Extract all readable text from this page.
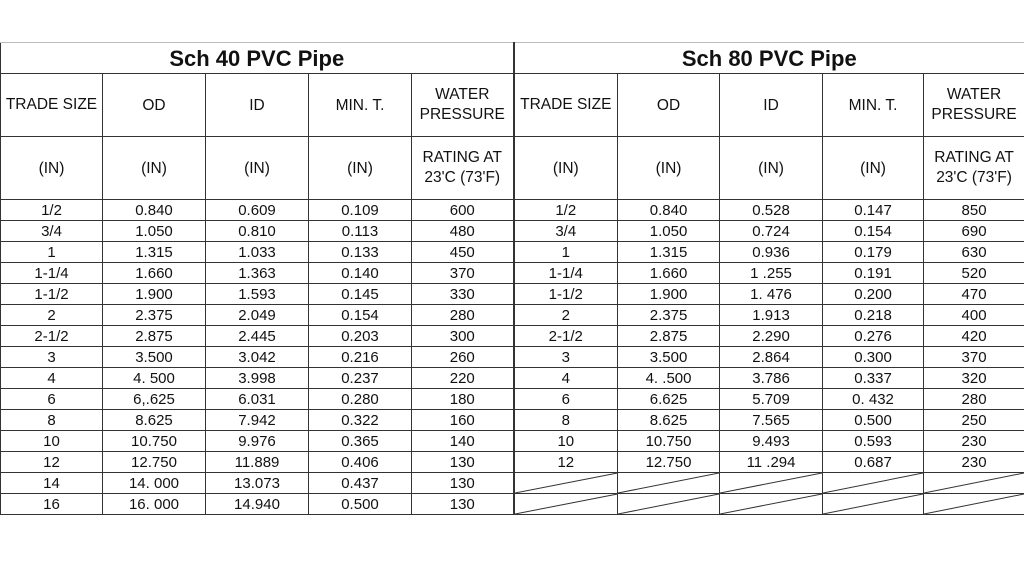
Sch 40 PVC Pipe					Sch 80 PVC Pipe				
TRADE SIZE	OD	ID	MIN. T.	WATER PRESSURE	TRADE SIZE	OD	ID	MIN. T.	WATER PRESSURE
(IN)	(IN)	(IN)	(IN)	RATING AT 23'C (73'F)	(IN)	(IN)	(IN)	(IN)	RATING AT 23'C (73'F)
1/2	0.840	0.609	0.109	600	1/2	0.840	0.528	0.147	850
3/4	1.050	0.810	0.113	480	3/4	1.050	0.724	0.154	690
1	1.315	1.033	0.133	450	1	1.315	0.936	0.179	630
1-1/4	1.660	1.363	0.140	370	1-1/4	1.660	1 .255	0.191	520
1-1/2	1.900	1.593	0.145	330	1-1/2	1.900	1. 476	0.200	470
2	2.375	2.049	0.154	280	2	2.375	1.913	0.218	400
2-1/2	2.875	2.445	0.203	300	2-1/2	2.875	2.290	0.276	420
3	3.500	3.042	0.216	260	3	3.500	2.864	0.300	370
4	4. 500	3.998	0.237	220	4	4. .500	3.786	0.337	320
6	6,.625	6.031	0.280	180	6	6.625	5.709	0. 432	280
8	8.625	7.942	0.322	160	8	8.625	7.565	0.500	250
10	10.750	9.976	0.365	140	10	10.750	9.493	0.593	230
12	12.750	11.889	0.406	130	12	12.750	11 .294	0.687	230
14	14. 000	13.073	0.437	130	

16	16. 000	14.940	0.500	130	
